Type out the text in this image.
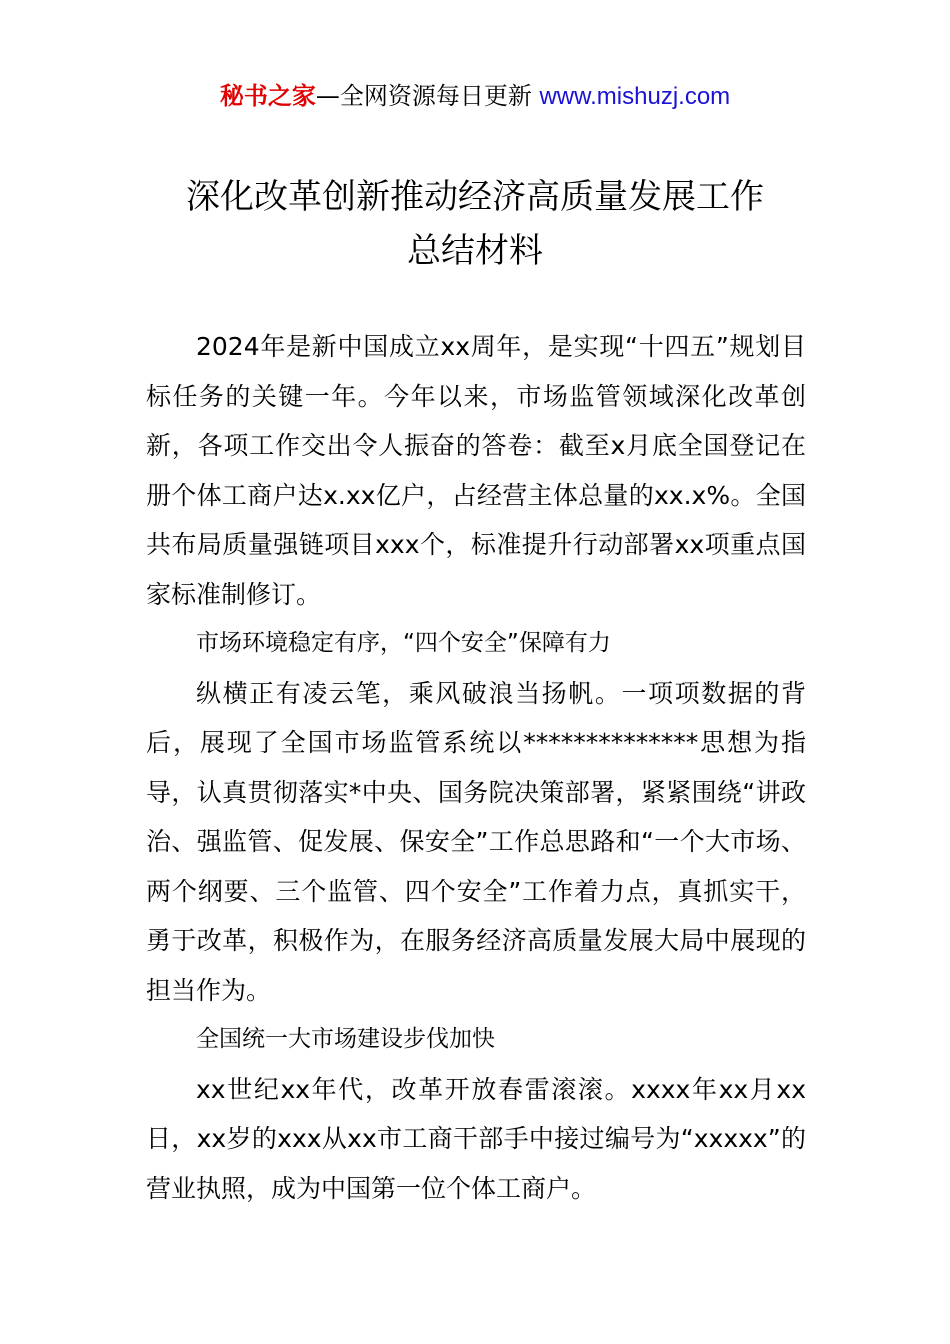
秘书之家—全网资源每日更新 www.mishuzj.com
深化改革创新推动经济高质量发展工作
总结材料

2024年是新中国成立xx周年，是实现“十四五”规划目标任务的关键一年。今年以来，市场监管领域深化改革创新，各项工作交出令人振奋的答卷：截至x月底全国登记在册个体工商户达x.xx亿户，占经营主体总量的xx.x%。全国共布局质量强链项目xxx个，标准提升行动部署xx项重点国家标准制修订。

市场环境稳定有序，“四个安全”保障有力

纵横正有凌云笔，乘风破浪当扬帆。一项项数据的背后，展现了全国市场监管系统以**************思想为指导，认真贯彻落实*中央、国务院决策部署，紧紧围绕“讲政治、强监管、促发展、保安全”工作总思路和“一个大市场、两个纲要、三个监管、四个安全”工作着力点，真抓实干，勇于改革，积极作为，在服务经济高质量发展大局中展现的担当作为。

全国统一大市场建设步伐加快

xx世纪xx年代，改革开放春雷滚滚。xxxx年xx月xx日，xx岁的xxx从xx市工商干部手中接过编号为“xxxxx”的营业执照，成为中国第一位个体工商户。
